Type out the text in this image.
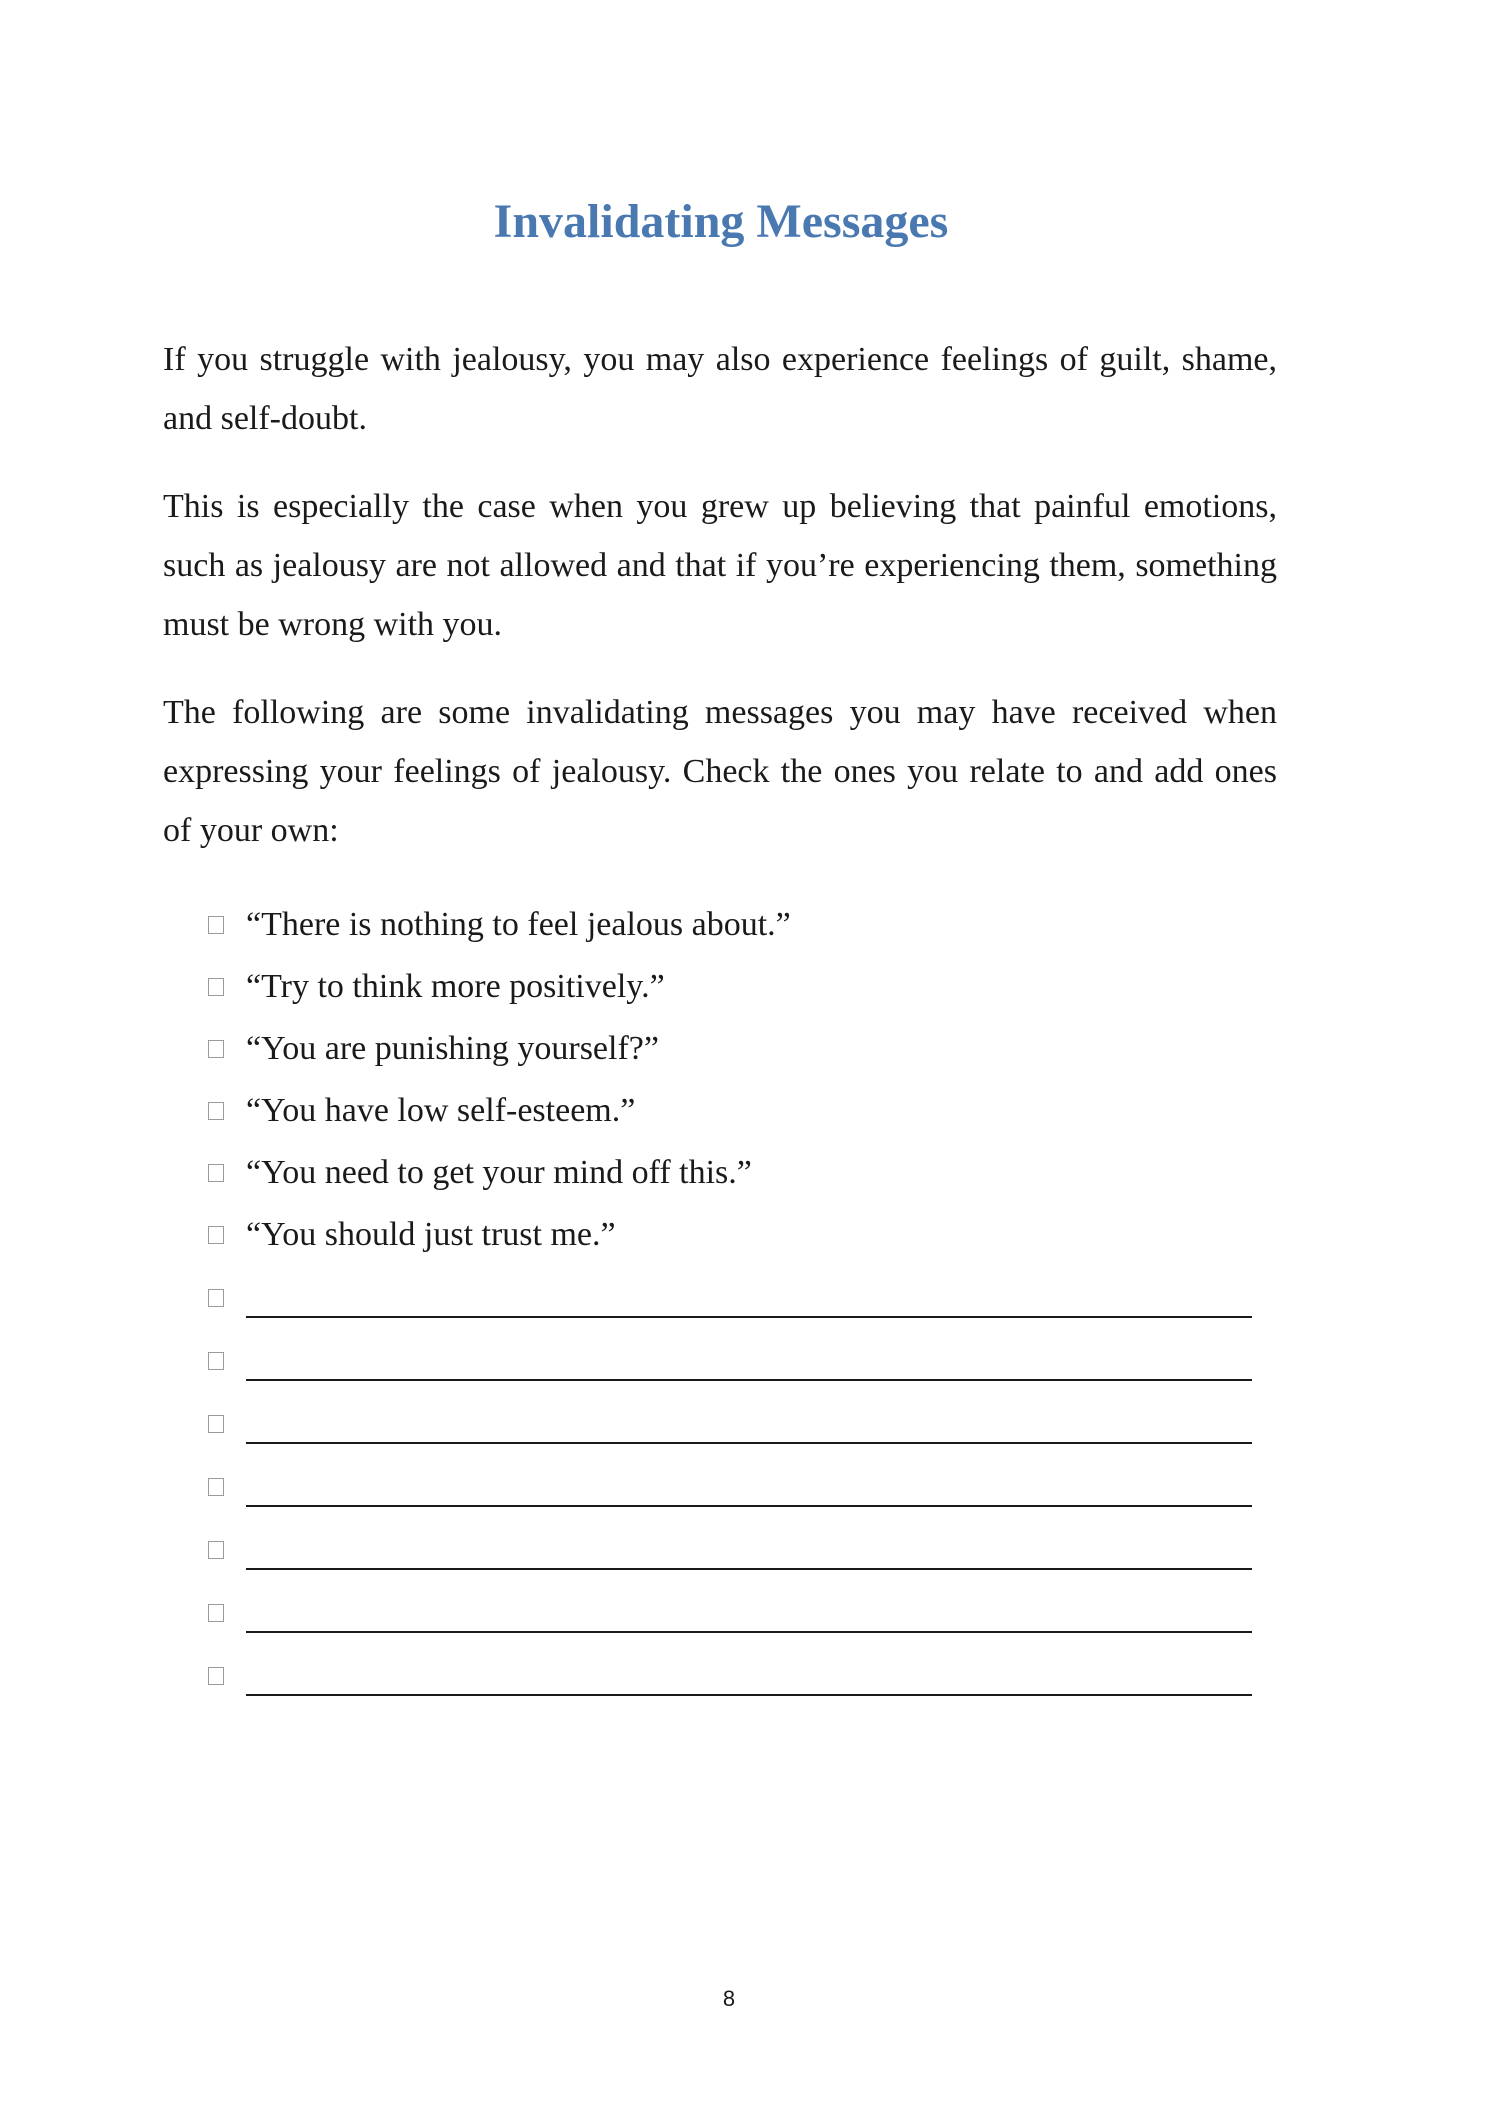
Invalidating Messages

If you struggle with jealousy, you may also experience feelings of guilt, shame, and self-doubt.

This is especially the case when you grew up believing that painful emotions, such as jealousy are not allowed and that if you’re experiencing them, something must be wrong with you.

The following are some invalidating messages you may have received when expressing your feelings of jealousy. Check the ones you relate to and add ones of your own:

“There is nothing to feel jealous about.”
“Try to think more positively.”
“You are punishing yourself?”
“You have low self-esteem.”
“You need to get your mind off this.”
“You should just trust me.”
8
